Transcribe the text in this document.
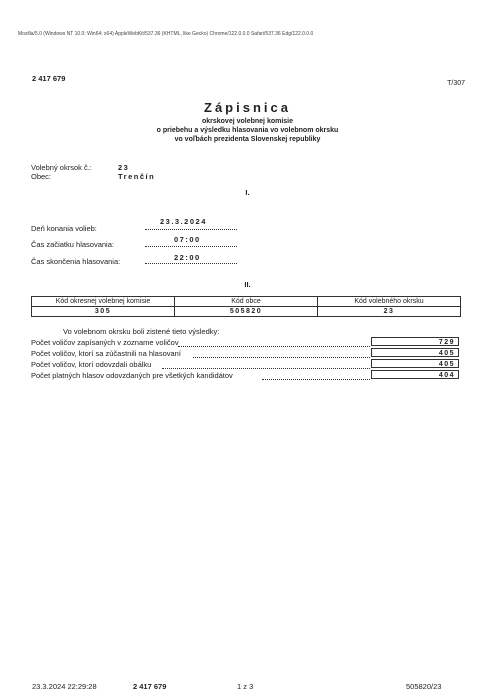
Mozilla/5.0 (Windows NT 10.0; Win64; x64) AppleWebKit/537.36 (KHTML, like Gecko) Chrome/122.0.0.0 Safari/537.36 Edg/122.0.0.0
2 417 679
T/307
Zápisnica
okrskovej volebnej komisie
o priebehu a výsledku hlasovania vo volebnom okrsku
vo voľbách prezidenta Slovenskej republiky
Volebný okrsok č.:	23
Obec:	Trenčín
I.
Deň konania volieb:
23.3.2024
Čas začiatku hlasovania:
07:00
Čas skončenia hlasovania:	22:00
II.
Kód okresnej volebnej komisie	Kód obce	Kód volebného okrsku
305	505820	23
Vo volebnom okrsku boli zistené tieto výsledky:
Počet voličov zapísaných v zozname voličov	729
Počet voličov, ktorí sa zúčastnili na hlasovaní	405
Počet voličov, ktorí odovzdali obálku	405
Počet platných hlasov odovzdaných pre všetkých kandidátov	404
23.3.2024 22:29:28	2 417 679	1 z 3	505820/23
